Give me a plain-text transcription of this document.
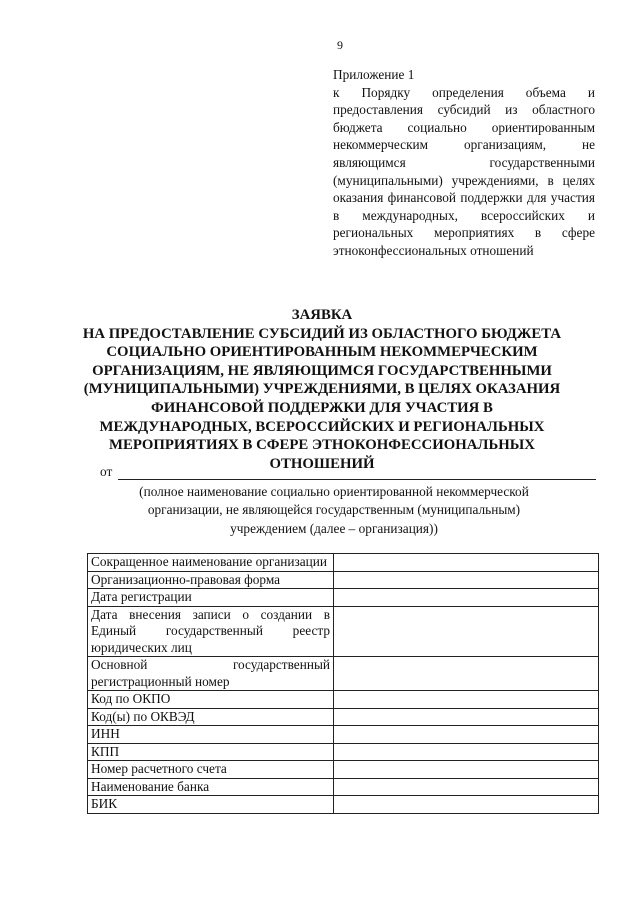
9
Приложение 1
к Порядку определения объема и предоставления субсидий из областного бюджета социально ориентированным некоммерческим организациям, не являющимся государственными (муниципальными) учреждениями, в целях оказания финансовой поддержки для участия в международных, всероссийских и региональных мероприятиях в сфере этноконфессиональных отношений
ЗАЯВКА
НА ПРЕДОСТАВЛЕНИЕ СУБСИДИЙ ИЗ ОБЛАСТНОГО БЮДЖЕТА СОЦИАЛЬНО ОРИЕНТИРОВАННЫМ НЕКОММЕРЧЕСКИМ ОРГАНИЗАЦИЯМ, НЕ ЯВЛЯЮЩИМСЯ ГОСУДАРСТВЕННЫМИ (МУНИЦИПАЛЬНЫМИ) УЧРЕЖДЕНИЯМИ, В ЦЕЛЯХ ОКАЗАНИЯ ФИНАНСОВОЙ ПОДДЕРЖКИ ДЛЯ УЧАСТИЯ В МЕЖДУНАРОДНЫХ, ВСЕРОССИЙСКИХ И РЕГИОНАЛЬНЫХ МЕРОПРИЯТИЯХ В СФЕРЕ ЭТНОКОНФЕССИОНАЛЬНЫХ ОТНОШЕНИЙ
от
(полное наименование социально ориентированной некоммерческой организации, не являющейся государственным (муниципальным) учреждением (далее – организация))
Сокращенное наименование организации	
Организационно-правовая форма	
Дата регистрации	
Дата внесения записи о создании в Единый государственный реестр юридических лиц	
Основной государственный регистрационный номер	
Код по ОКПО	
Код(ы) по ОКВЭД	
ИНН	
КПП	
Номер расчетного счета	
Наименование банка	
БИК	
